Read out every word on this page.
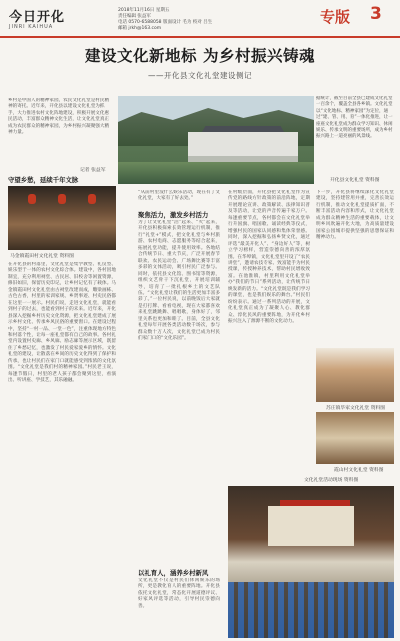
今日开化
JINRI KAIHUA
2018年11月16日 星期五
责任编辑 张益军
电话 0570-6588058 版面设计 毛为 校对 吕生
邮箱 jrkh@163.com
专版 3
建设文化新地标 为乡村振兴铸魂
——开化县文化礼堂建设侧记
乡村是中国人的精神家园，农民文化礼堂是村民精神的寄托。近年来，开化县以建设文化礼堂为抓手，大力推进农村文化阵地建设，积极开展文化惠民活动，丰富群众精神文化生活，让文化礼堂真正成为农民群众的精神家园，为乡村振兴凝聚强大精神力量。
记者 张益军
开化县文化礼堂 资料图
据统计，截至目前全县已建成文化礼堂一百余个，覆盖全县各乡镇。文化礼堂以“文化地标、精神家园”为定位，通过“建、管、用、育”一体化推进，让一座座文化礼堂成为群众学习知识、休闲娱乐、传承文明的重要场所，成为乡村振兴路上一道亮丽的风景线。
守望乡愁，延续千年文脉
聚焦活力，激发乡村活力
以礼育人，涵养乡村新风
马金镇霞田村文化礼堂 资料图
在开化县的村落里，文化礼堂是集学教型、礼仪型、娱乐型于一体的农村文化综合体。建设中，各村因地制宜，充分利用祠堂、古民居、旧校舍等闲置资源，修旧如旧，保留历史印记，让乡村记忆有了载体。马金镇霞田村文化礼堂由古祠堂改建而成，雕梁画栋、古色古香，村里的家训家规、乡贤事迹、村史民俗都在这里一一展示。村民们说，走进文化礼堂，就能看到村子的过去，也能看到村子的未来。近年来，开化县深入挖掘乡村历史文化资源，把文化礼堂建成了展示乡村文化、传承乡风民俗的重要窗口。在建设过程中，坚持“一村一品、一堂一色”，注重体现地方特色和村落个性，让每一座礼堂都有自己的故事。各村礼堂内设置村史廊、乡风廊、励志廊等展示区域，既留住了乡愁记忆，也激发了村民爱家爱乡的情怀。文化礼堂的建设，让散落在乡间的历史文化得到了保护和传承，也让村民们在家门口就能感受到浓浓的文化氛围。“文化礼堂是我们村的精神家园。”村民老王说，每逢节假日，村里的老人孩子都会聚到这里，看演出、听讲座、学技艺，其乐融融。
“从前村里没什么娱乐活动，现在有了文化礼堂，大家有了好去处。”
为了让文化礼堂“活”起来、“火”起来，开化县积极探索长效管理运行机制，推行“礼堂+”模式，把文化礼堂与乡村旅游、农村电商、志愿服务等结合起来，拓展礼堂功能，提升使用效率。各地结合传统节日、重大节庆，广泛开展春节联欢、农民运动会、广场舞比赛等丰富多彩的文体活动，吸引村民广泛参与。同时，依托县文化馆、图书馆等资源，组织文艺骨干下沉礼堂，开展培训辅导，培育了一批扎根乡土的文艺队伍。“文化礼堂让我们的生活更加丰富多彩了。”一位村民说，以前晚饭后大家就是打打牌、看看电视，现在大家都喜欢来礼堂跳跳舞、唱唱歌，身体好了，邻里关系也更加和睦了。目前，全县文化礼堂每年开展各类活动数千场次，参与群众数十万人次，文化礼堂已成为村民们家门口的“文化乐园”。
文化礼堂不仅是村民们休闲娱乐的场所，更是教化育人的重要阵地。开化县依托文化礼堂，常态化开展道德评议、好家风评选等活动，引导村民崇德向善。
在村级层面，开化县把文化礼堂作为宣传党的路线方针政策的前沿阵地，定期开展理论宣讲、政策解读、法律知识普及等活动，让党的声音传遍千家万户。每逢重要节点，各村都会在文化礼堂举行升国旗、唱国歌、诵读经典等仪式，增强村民的国家认同感和集体荣誉感。同时，深入挖掘和弘扬乡贤文化，通过评选“最美开化人”、“身边好人”等，树立学习榜样，营造崇德向善的浓厚氛围。在华埠镇，文化礼堂里开设了“农民讲堂”，邀请农技专家、致富能手为村民授课，传授种养技术，帮助村民增收致富。在池淮镇，村里利用文化礼堂举办“我们的节日”系列活动，让传统节日焕发新的活力。“文化礼堂既是我们学习的课堂，也是我们娱乐的舞台。”村民们纷纷表示。通过一系列活动的开展，文化礼堂真正成为了凝聚人心、教化群众、淳化民风的重要阵地，为开化乡村振兴注入了源源不断的文化动力。
下一步，开化县将继续深化文化礼堂建设，坚持建管用并重，完善长效运行机制，推动文化礼堂提质扩面，不断丰富活动内容和形式，让文化礼堂成为群众精神生活的重要载体，让文明乡风吹遍开化大地，为高质量建设国家公园城市提供坚强的思想保证和精神动力。
苏庄镇毕家文化礼堂 资料图
霞山村文化礼堂 资料图
文化礼堂活动现场 资料图
